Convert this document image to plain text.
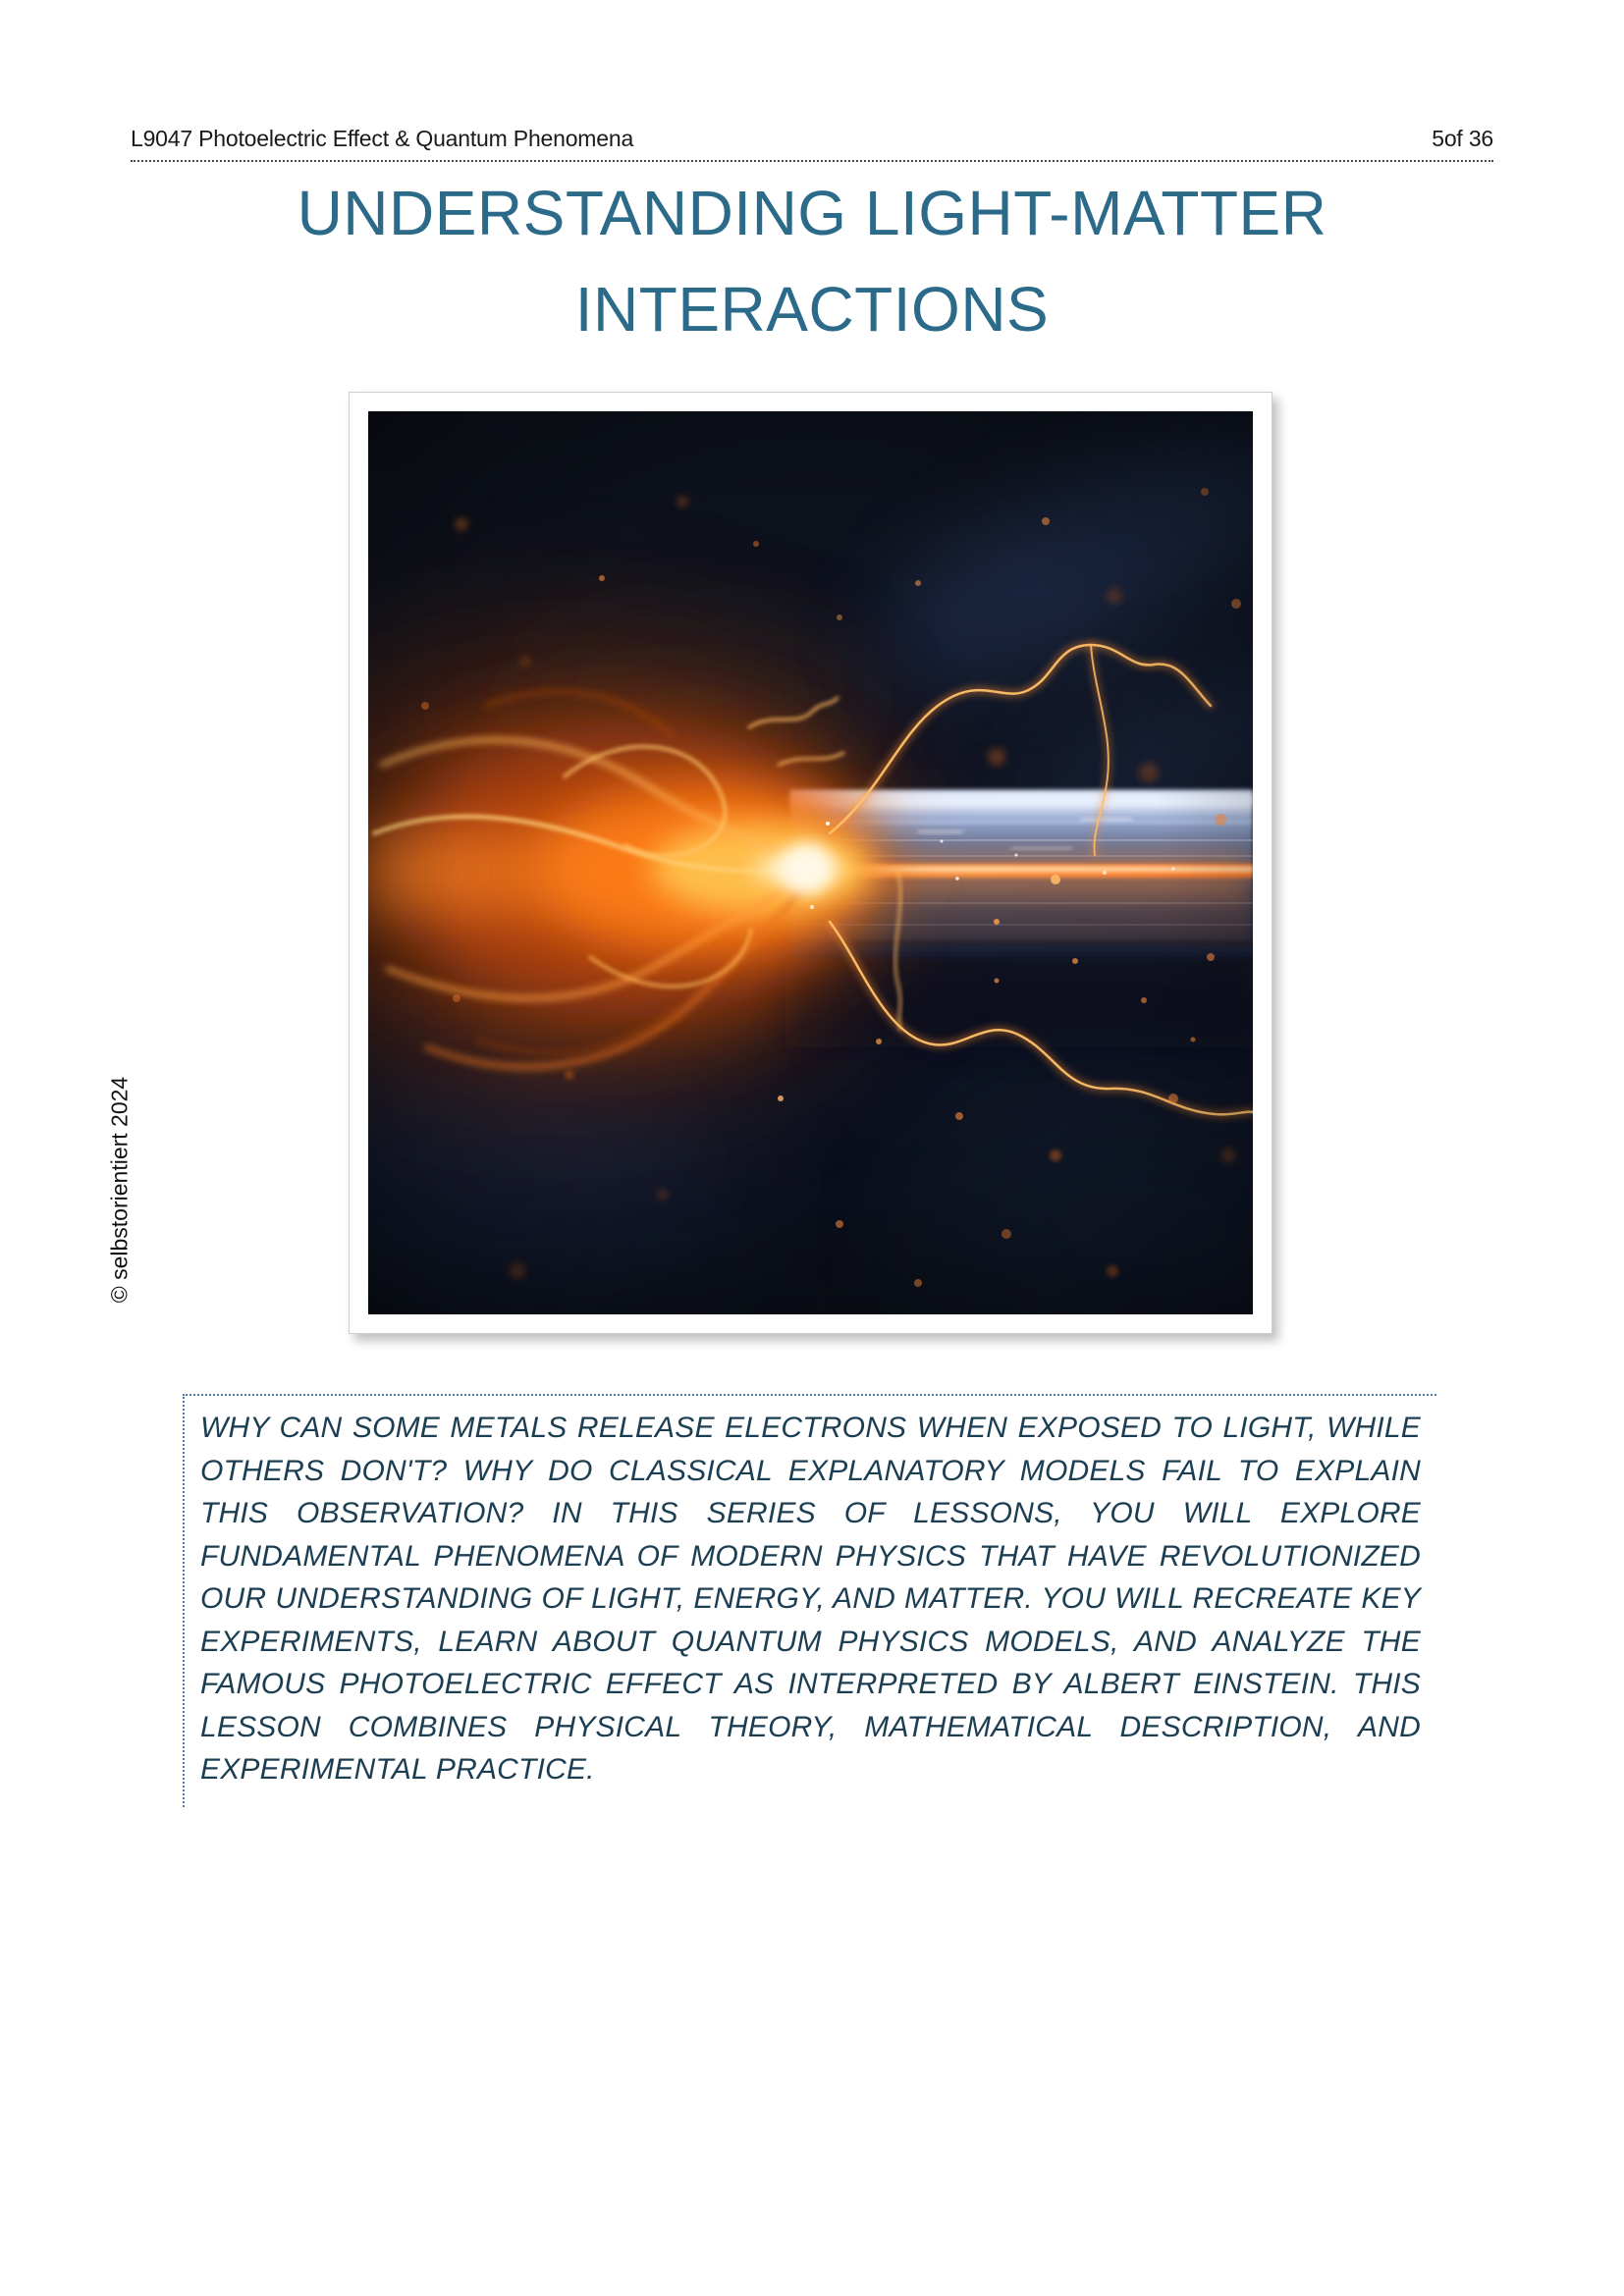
L9047 Photoelectric Effect & Quantum Phenomena	5of 36
UNDERSTANDING LIGHT-MATTER
INTERACTIONS
© selbstorientiert 2024

WHY CAN SOME METALS RELEASE ELECTRONS WHEN EXPOSED TO LIGHT, WHILE OTHERS DON'T? WHY DO CLASSICAL EXPLANATORY MODELS FAIL TO EXPLAIN THIS OBSERVATION? IN THIS SERIES OF LESSONS, YOU WILL EXPLORE FUNDAMENTAL PHENOMENA OF MODERN PHYSICS THAT HAVE REVOLUTIONIZED OUR UNDERSTANDING OF LIGHT, ENERGY, AND MATTER. YOU WILL RECREATE KEY EXPERIMENTS, LEARN ABOUT QUANTUM PHYSICS MODELS, AND ANALYZE THE FAMOUS PHOTOELECTRIC EFFECT AS INTERPRETED BY ALBERT EINSTEIN. THIS LESSON COMBINES PHYSICAL THEORY, MATHEMATICAL DESCRIPTION, AND EXPERIMENTAL PRACTICE.
